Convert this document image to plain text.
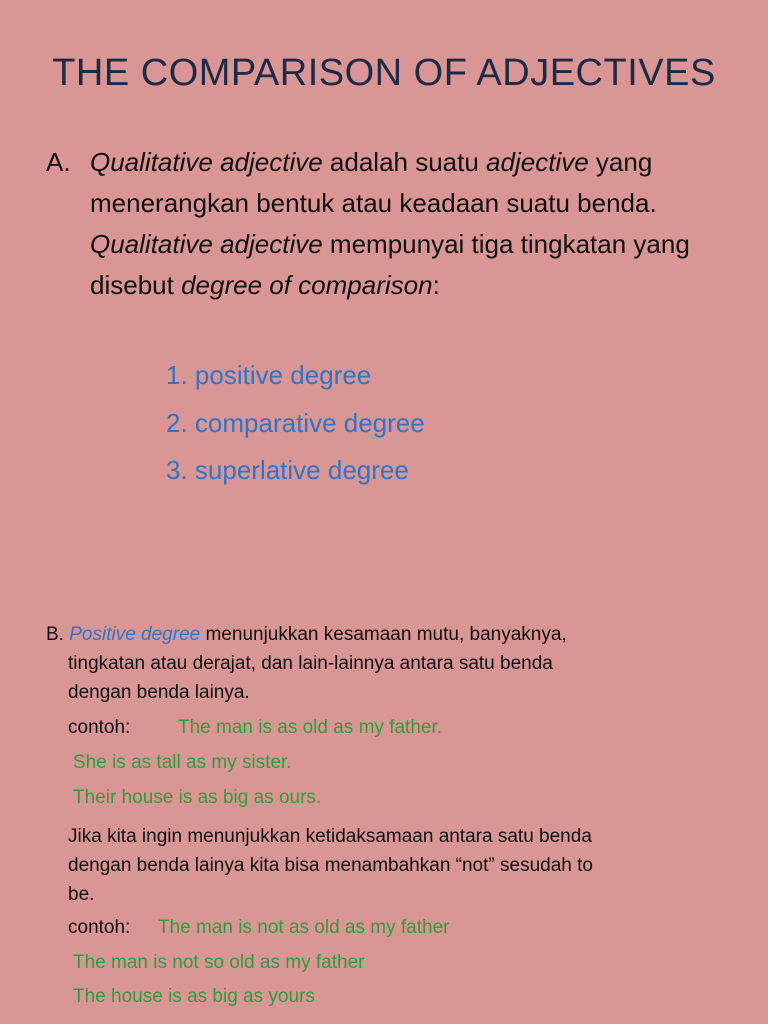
THE COMPARISON OF ADJECTIVES
A. Qualitative adjective adalah suatu adjective yang menerangkan bentuk atau keadaan suatu benda. Qualitative adjective mempunyai tiga tingkatan yang disebut degree of comparison:
1. positive degree
2. comparative degree
3. superlative degree
B. Positive degree menunjukkan kesamaan mutu, banyaknya,
tingkatan atau derajat, dan lain-lainnya antara satu benda
dengan benda lainya.
contoh:	The man is as old as my father.
She is as tall as my sister.
Their house is as big as ours.
Jika kita ingin menunjukkan ketidaksamaan antara satu benda
dengan benda lainya kita bisa menambahkan “not” sesudah to
be.
contoh: The man is not as old as my father
The man is not so old as my father
The house is as big as yours
